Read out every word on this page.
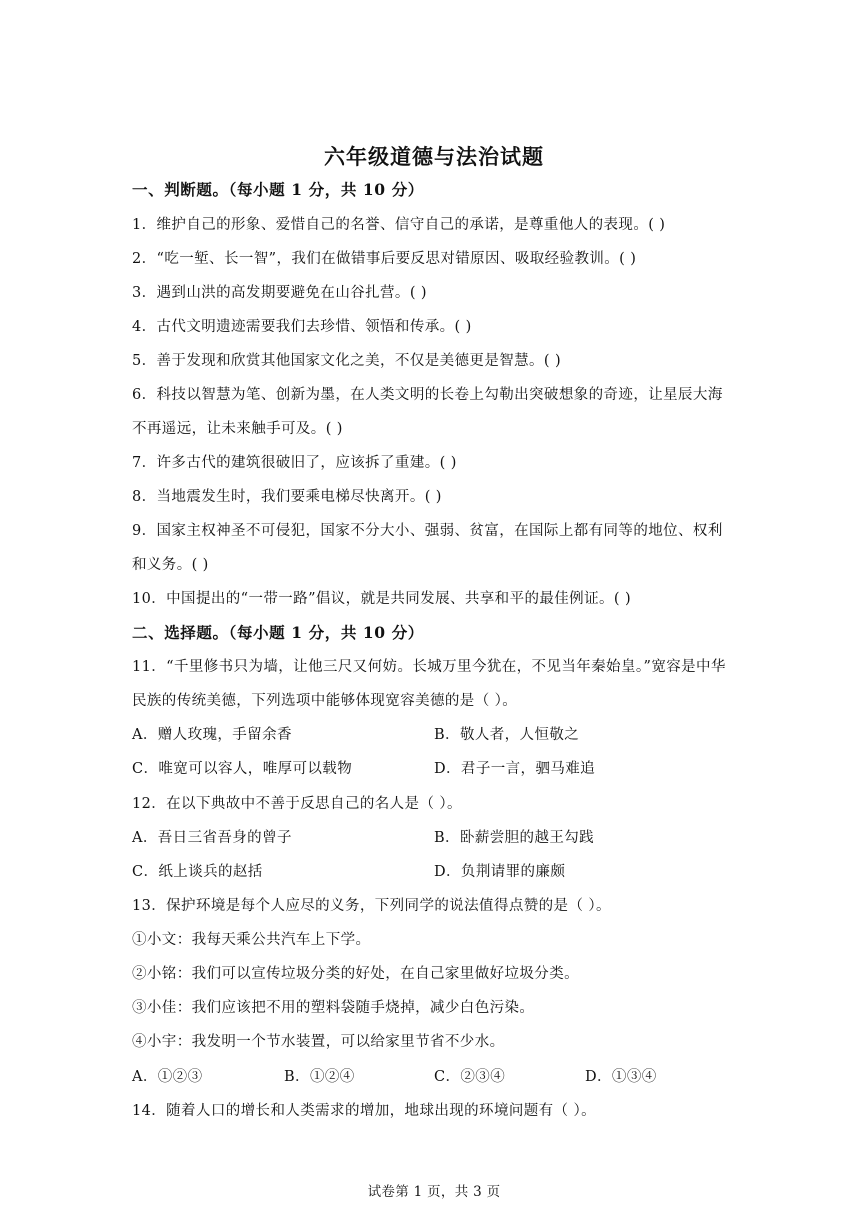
六年级道德与法治试题
一、判断题。（每小题 1 分，共 10 分）
1．维护自己的形象、爱惜自己的名誉、信守自己的承诺，是尊重他人的表现。( )
2．“吃一堑、长一智”，我们在做错事后要反思对错原因、吸取经验教训。( )
3．遇到山洪的高发期要避免在山谷扎营。( )
4．古代文明遗迹需要我们去珍惜、领悟和传承。( )
5．善于发现和欣赏其他国家文化之美，不仅是美德更是智慧。( )
6．科技以智慧为笔、创新为墨，在人类文明的长卷上勾勒出突破想象的奇迹，让星辰大海
不再遥远，让未来触手可及。( )
7．许多古代的建筑很破旧了，应该拆了重建。( )
8．当地震发生时，我们要乘电梯尽快离开。( )
9．国家主权神圣不可侵犯，国家不分大小、强弱、贫富，在国际上都有同等的地位、权利
和义务。( )
10．中国提出的“一带一路”倡议，就是共同发展、共享和平的最佳例证。( )
二、选择题。（每小题 1 分，共 10 分）
11．“千里修书只为墙，让他三尺又何妨。长城万里今犹在，不见当年秦始皇。”宽容是中华
民族的传统美德，下列选项中能够体现宽容美德的是（ ）。
A．赠人玫瑰，手留余香	B．敬人者，人恒敬之
C．唯宽可以容人，唯厚可以载物	D．君子一言，驷马难追
12．在以下典故中不善于反思自己的名人是（ ）。
A．吾日三省吾身的曾子	B．卧薪尝胆的越王勾践
C．纸上谈兵的赵括	D．负荆请罪的廉颇
13．保护环境是每个人应尽的义务，下列同学的说法值得点赞的是（ ）。
①小文：我每天乘公共汽车上下学。
②小铭：我们可以宣传垃圾分类的好处，在自己家里做好垃圾分类。
③小佳：我们应该把不用的塑料袋随手烧掉，减少白色污染。
④小宇：我发明一个节水装置，可以给家里节省不少水。
A．①②③	B．①②④	C．②③④	D．①③④
14．随着人口的增长和人类需求的增加，地球出现的环境问题有（ ）。
试卷第 1 页，共 3 页
